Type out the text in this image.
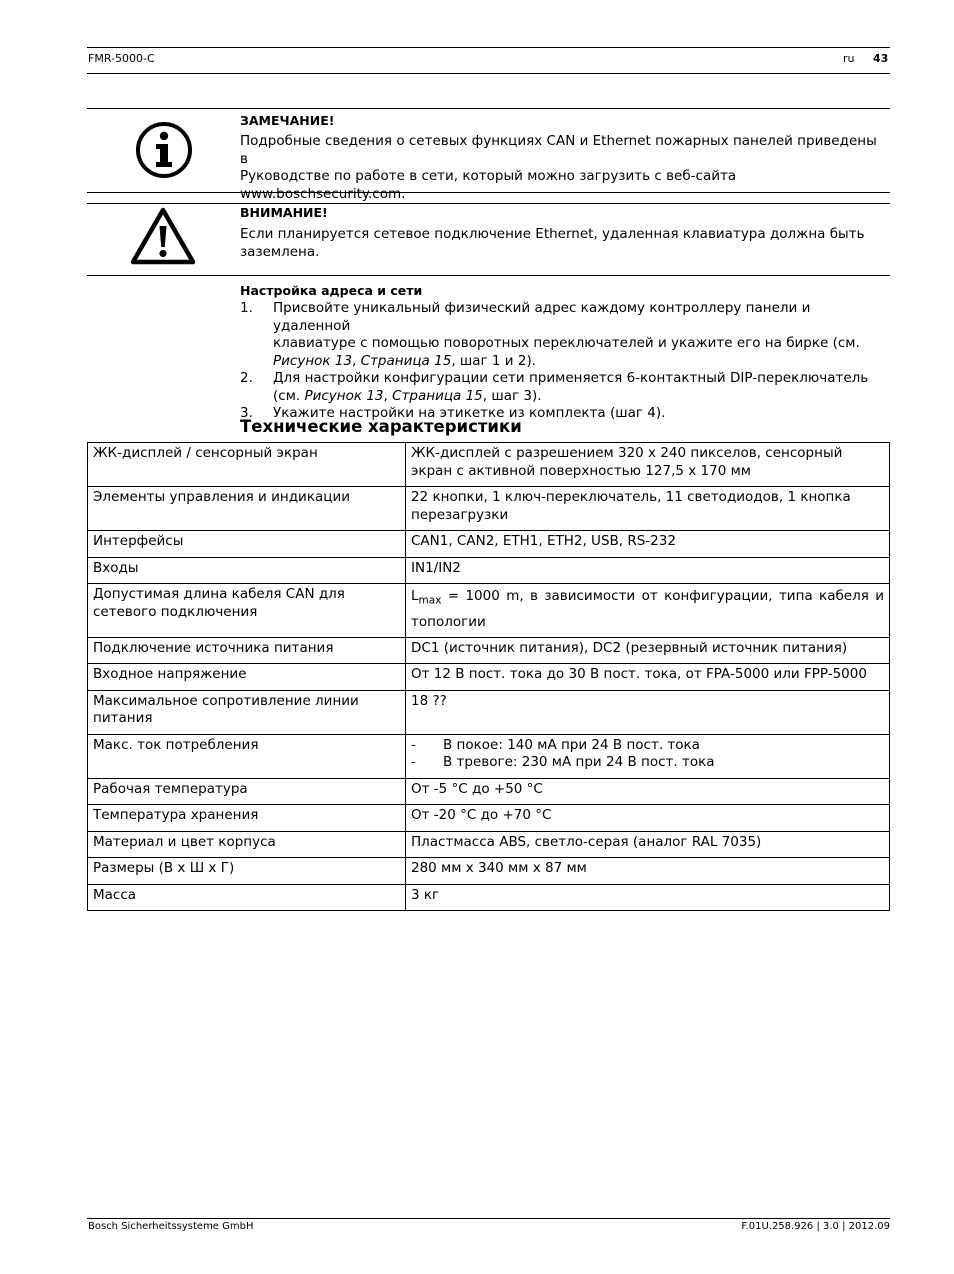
FMR-5000-C	ru 43
ЗАМЕЧАНИЕ!
Подробные сведения о сетевых функциях CAN и Ethernet пожарных панелей приведены в
Руководстве по работе в сети, который можно загрузить с веб-сайта
www.boschsecurity.com.
ВНИМАНИЕ!
Если планируется сетевое подключение Ethernet, удаленная клавиатура должна быть
заземлена.
Настройка адреса и сети
1. Присвойте уникальный физический адрес каждому контроллеру панели и удаленной
клавиатуре с помощью поворотных переключателей и укажите его на бирке (см.
Рисунок 13, Страница 15, шаг 1 и 2).
2. Для настройки конфигурации сети применяется 6-контактный DIP-переключатель
(см. Рисунок 13, Страница 15, шаг 3).
3. Укажите настройки на этикетке из комплекта (шаг 4).
Технические характеристики
ЖК-дисплей / сенсорный экран	ЖК-дисплей с разрешением 320 x 240 пикселов, сенсорный экран с активной поверхностью 127,5 x 170 мм
Элементы управления и индикации	22 кнопки, 1 ключ-переключатель, 11 светодиодов, 1 кнопка перезагрузки
Интерфейсы	CAN1, CAN2, ETH1, ETH2, USB, RS-232
Входы	IN1/IN2
Допустимая длина кабеля CAN для сетевого подключения	$L_{max} = 1000$ m, в зависимости от конфигурации, типа кабеля и топологии
Подключение источника питания	DC1 (источник питания), DC2 (резервный источник питания)
Входное напряжение	От 12 В пост. тока до 30 В пост. тока, от FPA-5000 или FPP-5000
Максимальное сопротивление линии питания	18 ??
Макс. ток потребления	- В покое: 140 мА при 24 В пост. тока
- В тревоге: 230 мА при 24 В пост. тока

Рабочая температура	От -5 °C до +50 °C
Температура хранения	От -20 °C до +70 °C
Материал и цвет корпуса	Пластмасса ABS, светло-серая (аналог RAL 7035)
Размеры (В x Ш x Г)	280 мм x 340 мм x 87 мм
Масса	3 кг
Bosch Sicherheitssysteme GmbH	F.01U.258.926 | 3.0 | 2012.09
